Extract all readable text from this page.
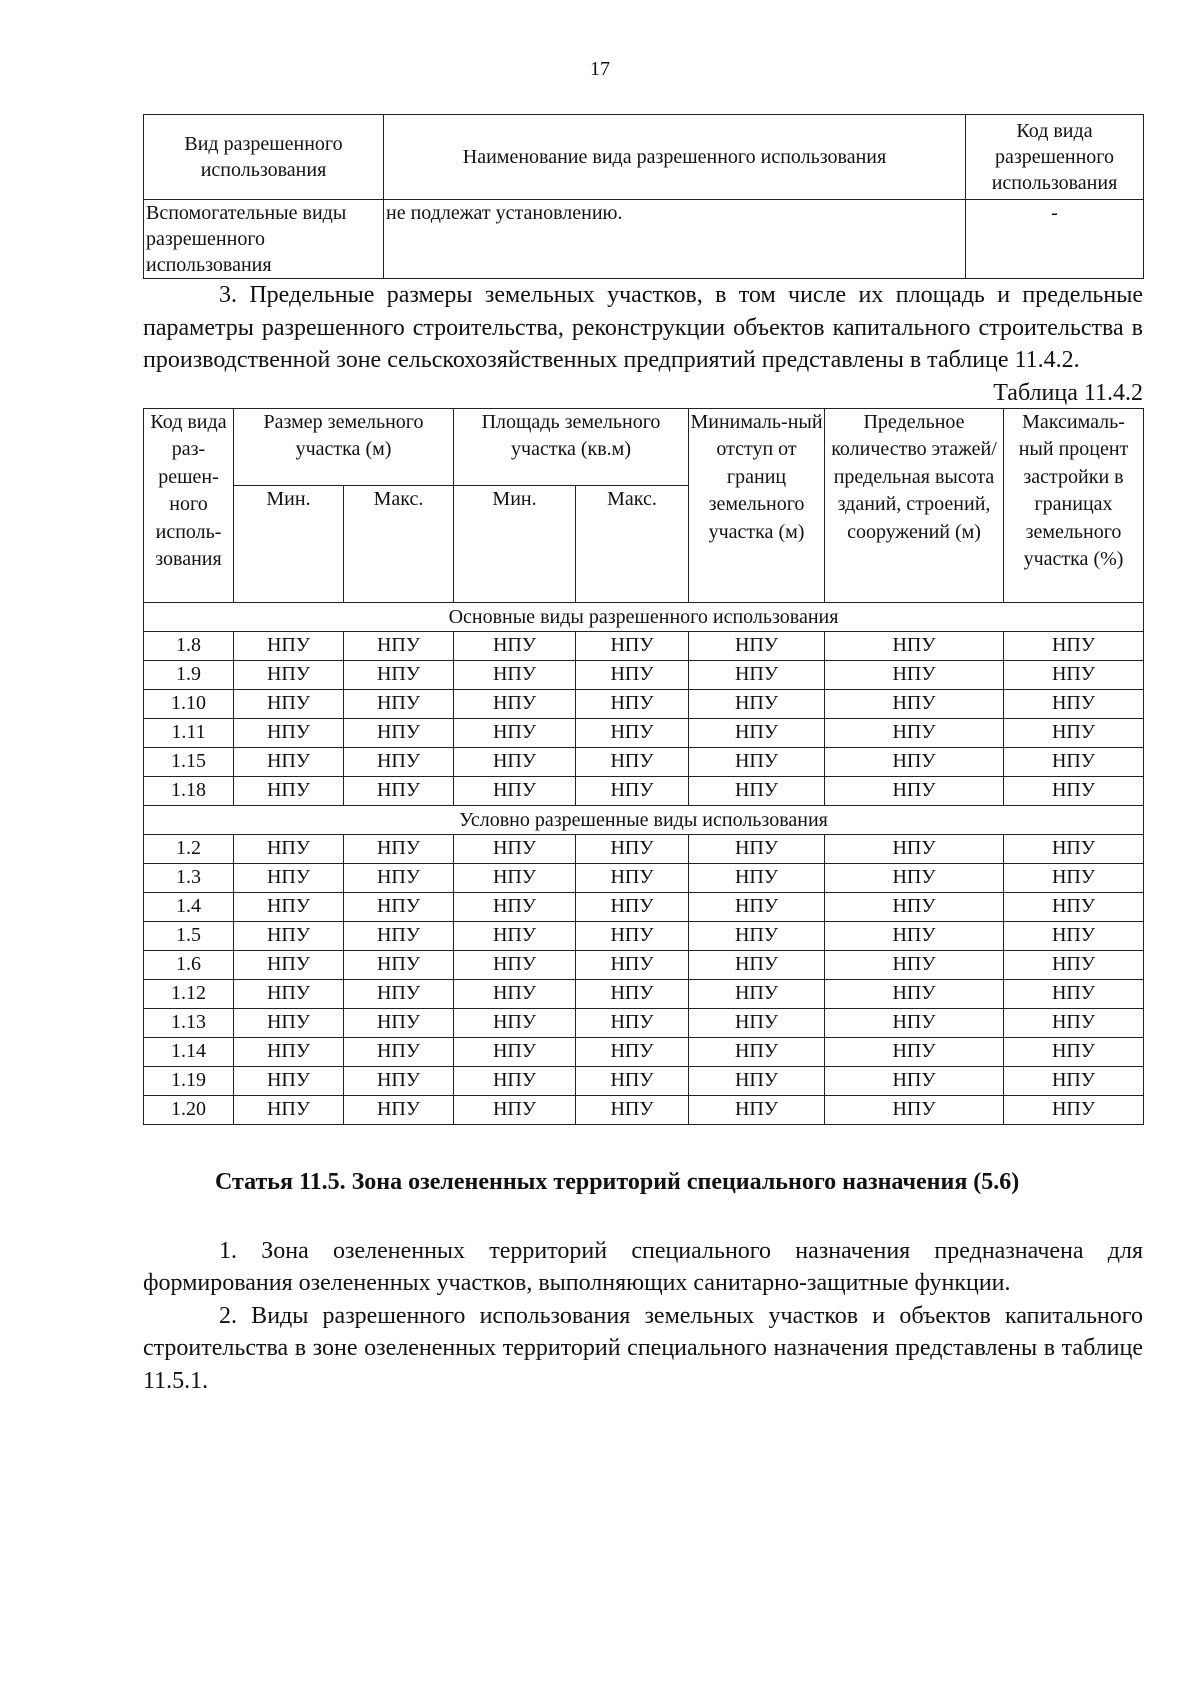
17
Вид разрешенного использования	Наименование вида разрешенного использования	Код вида разрешенного использования
Вспомогательные виды разрешенного использования	не подлежат установлению.	-

3. Предельные размеры земельных участков, в том числе их площадь и предельные параметры разрешенного строительства, реконструкции объектов капитального строительства в производственной зоне сельскохозяйственных предприятий представлены в таблице 11.4.2.

Таблица 11.4.2
Код вида раз-решен-ного исполь-зования	Размер земельного участка (м)		Площадь земельного участка (кв.м)		Минималь-ный отступ от границ земельного участка (м)	Предельное количество этажей/ предельная высота зданий, строений, сооружений (м)	Максималь-ный процент застройки в границах земельного участка (%)
	Мин.	Макс.	Мин.	Макс.			
Основные виды разрешенного использования							
1.8	НПУ	НПУ	НПУ	НПУ	НПУ	НПУ	НПУ
1.9	НПУ	НПУ	НПУ	НПУ	НПУ	НПУ	НПУ
1.10	НПУ	НПУ	НПУ	НПУ	НПУ	НПУ	НПУ
1.11	НПУ	НПУ	НПУ	НПУ	НПУ	НПУ	НПУ
1.15	НПУ	НПУ	НПУ	НПУ	НПУ	НПУ	НПУ
1.18	НПУ	НПУ	НПУ	НПУ	НПУ	НПУ	НПУ
Условно разрешенные виды использования							
1.2	НПУ	НПУ	НПУ	НПУ	НПУ	НПУ	НПУ
1.3	НПУ	НПУ	НПУ	НПУ	НПУ	НПУ	НПУ
1.4	НПУ	НПУ	НПУ	НПУ	НПУ	НПУ	НПУ
1.5	НПУ	НПУ	НПУ	НПУ	НПУ	НПУ	НПУ
1.6	НПУ	НПУ	НПУ	НПУ	НПУ	НПУ	НПУ
1.12	НПУ	НПУ	НПУ	НПУ	НПУ	НПУ	НПУ
1.13	НПУ	НПУ	НПУ	НПУ	НПУ	НПУ	НПУ
1.14	НПУ	НПУ	НПУ	НПУ	НПУ	НПУ	НПУ
1.19	НПУ	НПУ	НПУ	НПУ	НПУ	НПУ	НПУ
1.20	НПУ	НПУ	НПУ	НПУ	НПУ	НПУ	НПУ
Статья 11.5. Зона озелененных территорий специального назначения (5.6)

1. Зона озелененных территорий специального назначения предназначена для формирования озелененных участков, выполняющих санитарно-защитные функции.

2. Виды разрешенного использования земельных участков и объектов капитального строительства в зоне озелененных территорий специального назначения представлены в таблице 11.5.1.
